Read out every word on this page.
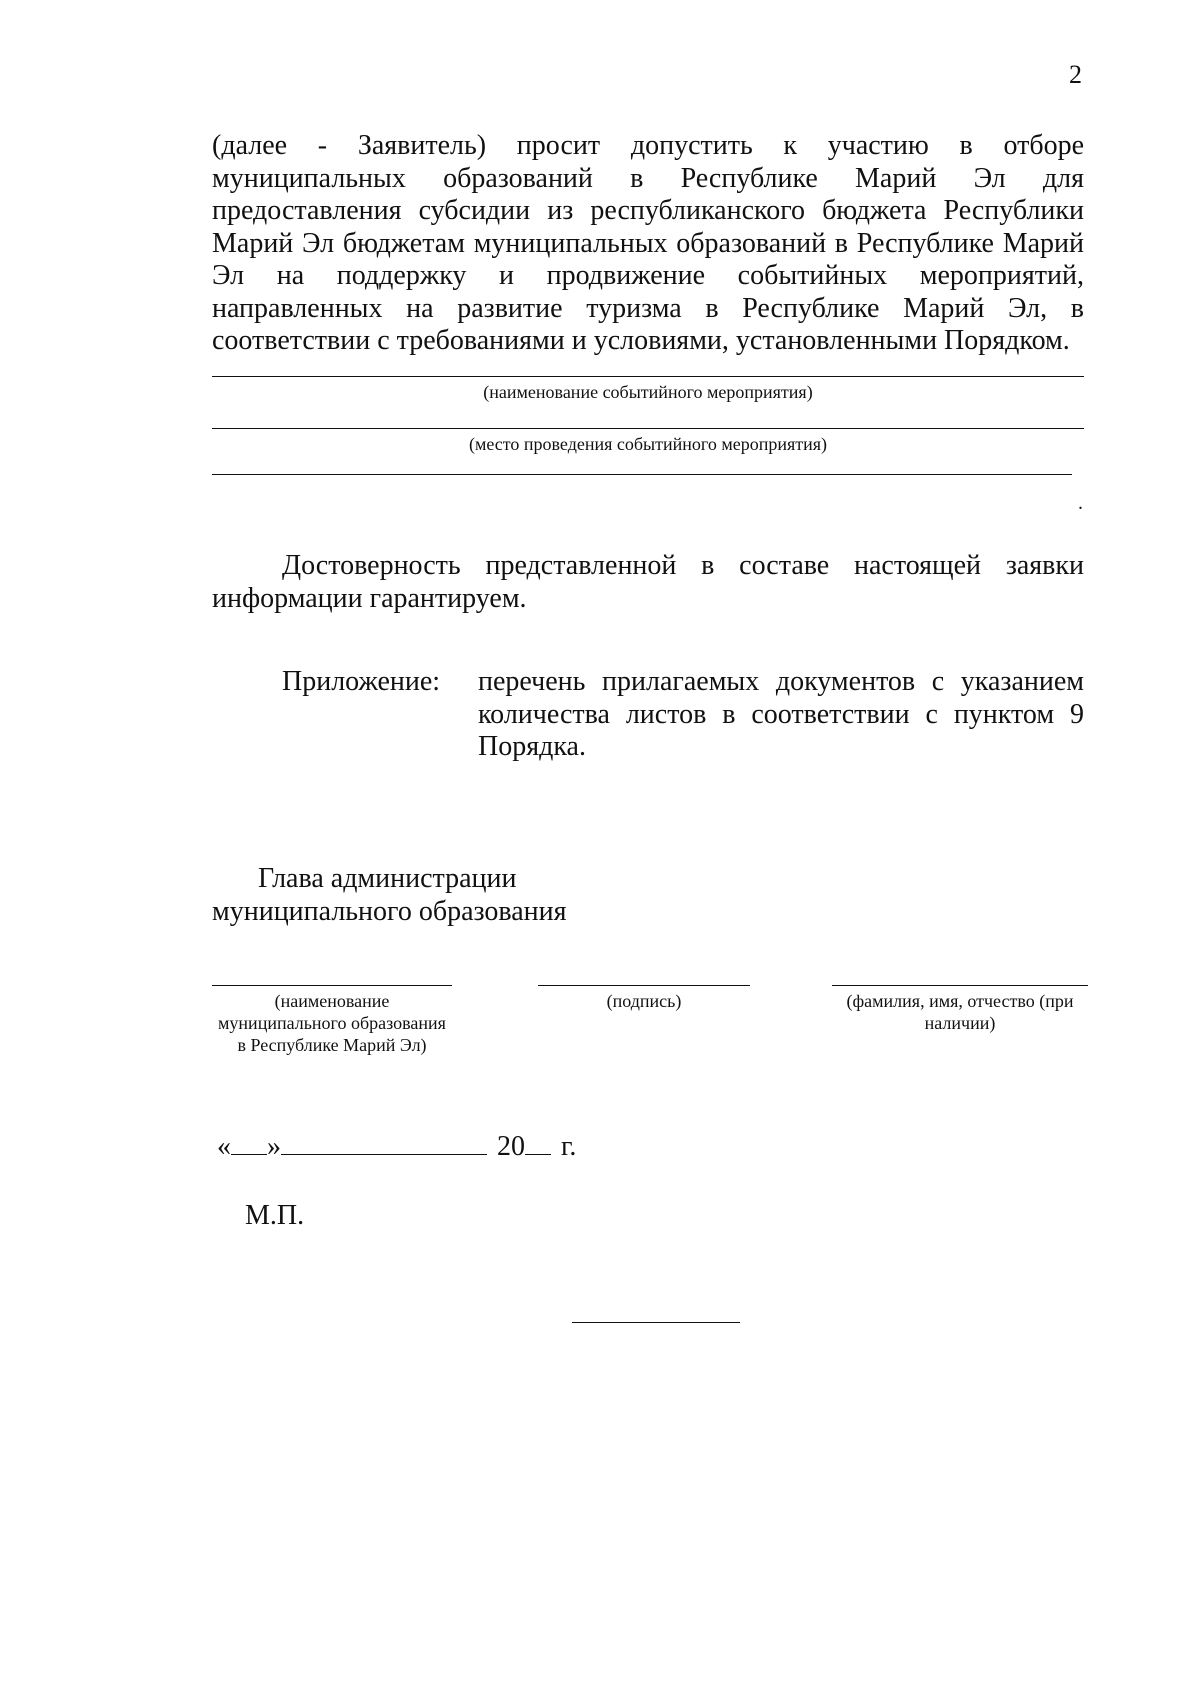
2
(далее - Заявитель) просит допустить к участию в отборе муниципальных образований в Республике Марий Эл для предоставления субсидии из республиканского бюджета Республики Марий Эл бюджетам муниципальных образований в Республике Марий Эл на поддержку и продвижение событийных мероприятий, направленных на развитие туризма в Республике Марий Эл, в соответствии с требованиями и условиями, установленными Порядком.
(наименование событийного мероприятия)
(место проведения событийного мероприятия)
.
Достоверность представленной в составе настоящей заявки информации гарантируем.
Приложение: перечень прилагаемых документов с указанием количества листов в соответствии с пунктом 9 Порядка.
Глава администрации
муниципального образования
(наименование муниципального образования в Республике Марий Эл)
(подпись)	(фамилия, имя, отчество (при наличии)
« »	20 г.
М.П.
